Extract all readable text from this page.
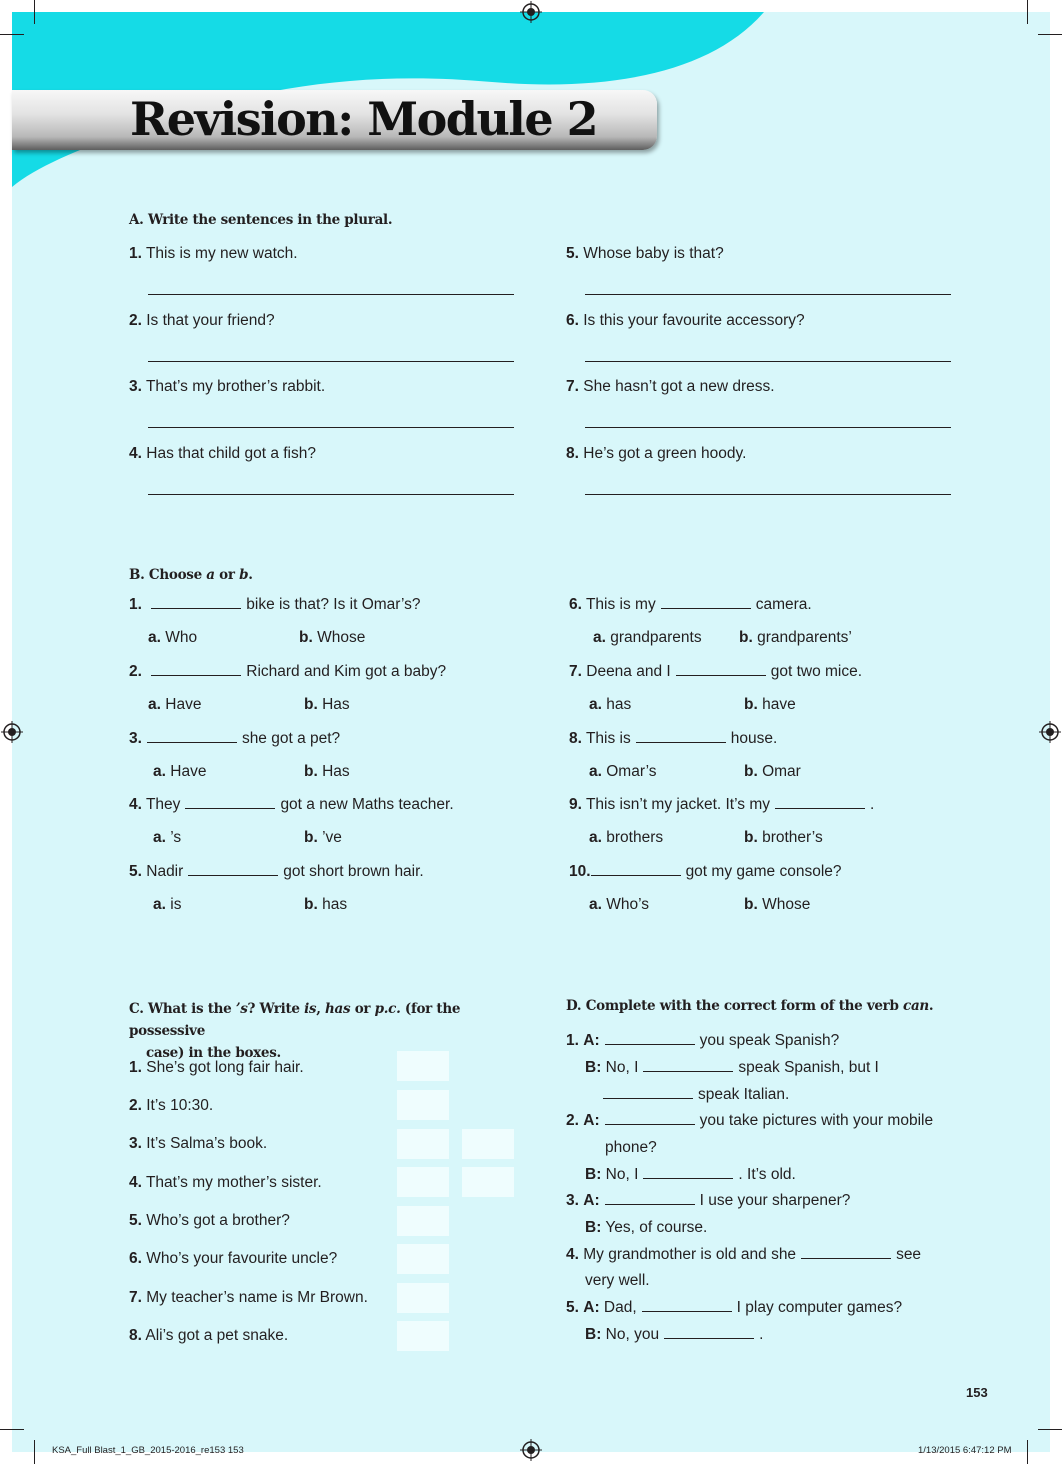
Revision: Module 2

A. Write the sentences in the plural.

1. This is my new watch.
2. Is that your friend?
3. That’s my brother’s rabbit.
4. Has that child got a fish?
5. Whose baby is that?
6. Is this your favourite accessory?
7. She hasn’t got a new dress.
8. He’s got a green hoody.

B. Choose a or b.

1.	bike is that? Is it Omar’s?
a. Who	b. Whose
2.	Richard and Kim got a baby?
a. Have	b. Has
3.	she got a pet?
a. Have	b. Has
4. They	got a new Maths teacher.
a. ’s	b. ’ve
5. Nadir	got short brown hair.
a. is	b. has
6. This is my	camera.
a. grandparents b. grandparents’
7. Deena and I	got two mice.
a. has	b. have
8. This is	house.
a. Omar’s	b. Omar
9. This isn’t my jacket. It’s my	.
a. brothers	b. brother’s
10.	got my game console?
a. Who’s	b. Whose

C. What is the ’s? Write is, has or p.c. (for the possessive
case) in the boxes.

1. She’s got long fair hair.
2. It’s 10:30.
3. It’s Salma’s book.
4. That’s my mother’s sister.
5. Who’s got a brother?
6. Who’s your favourite uncle?
7. My teacher’s name is Mr Brown.
8. Ali’s got a pet snake.

D. Complete with the correct form of the verb can.

1. A:	you speak Spanish?
B: No, I	speak Spanish, but I
speak Italian.
2. A:	you take pictures with your mobile
phone?
B: No, I	. It’s old.
3. A:	I use your sharpener?
B: Yes, of course.
4. My grandmother is old and she	see
very well.
5. A: Dad,	I play computer games?
B: No, you	.
153
KSA_Full Blast_1_GB_2015-2016_re153 153	1/13/2015 6:47:12 PM
